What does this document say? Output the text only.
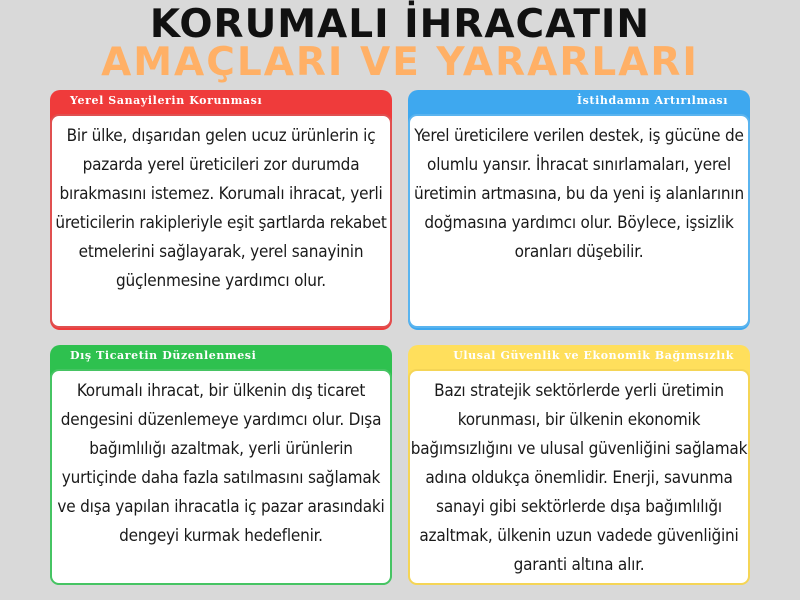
KORUMALI İHRACATIN
AMAÇLARI VE YARARLARI
Yerel Sanayilerin Korunması
Bir ülke, dışarıdan gelen ucuz ürünlerin iç pazarda yerel üreticileri zor durumda bırakmasını istemez. Korumalı ihracat, yerli üreticilerin rakipleriyle eşit şartlarda rekabet etmelerini sağlayarak, yerel sanayinin güçlenmesine yardımcı olur.
İstihdamın Artırılması
Yerel üreticilere verilen destek, iş gücüne de olumlu yansır. İhracat sınırlamaları, yerel üretimin artmasına, bu da yeni iş alanlarının doğmasına yardımcı olur. Böylece, işsizlik oranları düşebilir.
Dış Ticaretin Düzenlenmesi
Korumalı ihracat, bir ülkenin dış ticaret dengesini düzenlemeye yardımcı olur. Dışa bağımlılığı azaltmak, yerli ürünlerin yurtiçinde daha fazla satılmasını sağlamak ve dışa yapılan ihracatla iç pazar arasındaki dengeyi kurmak hedeflenir.
Ulusal Güvenlik ve Ekonomik Bağımsızlık
Bazı stratejik sektörlerde yerli üretimin korunması, bir ülkenin ekonomik bağımsızlığını ve ulusal güvenliğini sağlamak adına oldukça önemlidir. Enerji, savunma sanayi gibi sektörlerde dışa bağımlılığı azaltmak, ülkenin uzun vadede güvenliğini garanti altına alır.
